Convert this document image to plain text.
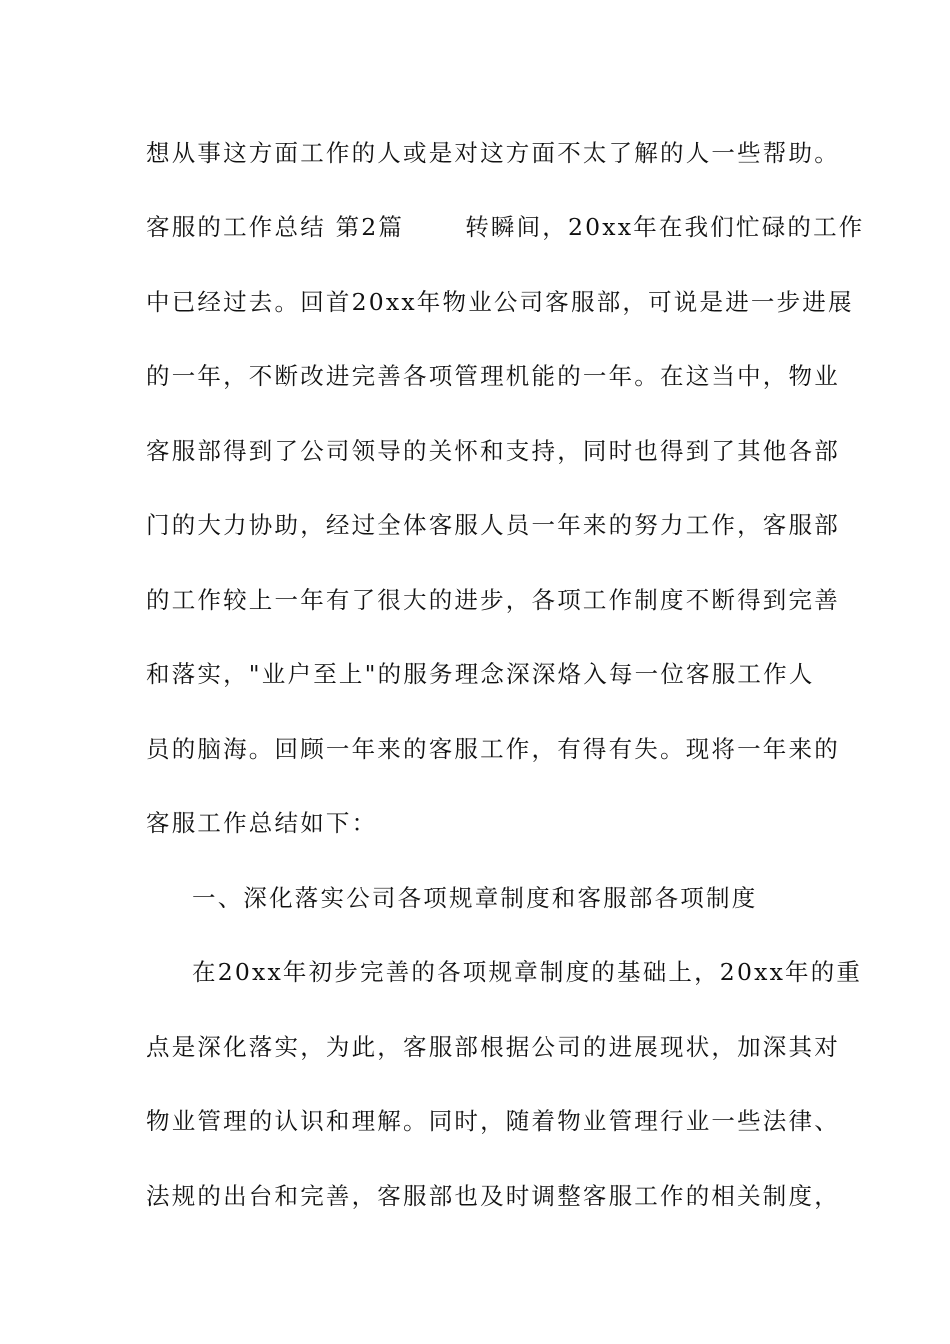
想从事这方面工作的人或是对这方面不太了解的人一些帮助。
客服的工作总结 第2篇　　 转瞬间，20xx年在我们忙碌的工作
中已经过去。回首20xx年物业公司客服部，可说是进一步进展
的一年，不断改进完善各项管理机能的一年。在这当中，物业
客服部得到了公司领导的关怀和支持，同时也得到了其他各部
门的大力协助，经过全体客服人员一年来的努力工作，客服部
的工作较上一年有了很大的进步，各项工作制度不断得到完善
和落实，"业户至上"的服务理念深深烙入每一位客服工作人
员的脑海。回顾一年来的客服工作，有得有失。现将一年来的
客服工作总结如下：
一、深化落实公司各项规章制度和客服部各项制度
在20xx年初步完善的各项规章制度的基础上，20xx年的重
点是深化落实，为此，客服部根据公司的进展现状，加深其对
物业管理的认识和理解。同时，随着物业管理行业一些法律、
法规的出台和完善，客服部也及时调整客服工作的相关制度，
